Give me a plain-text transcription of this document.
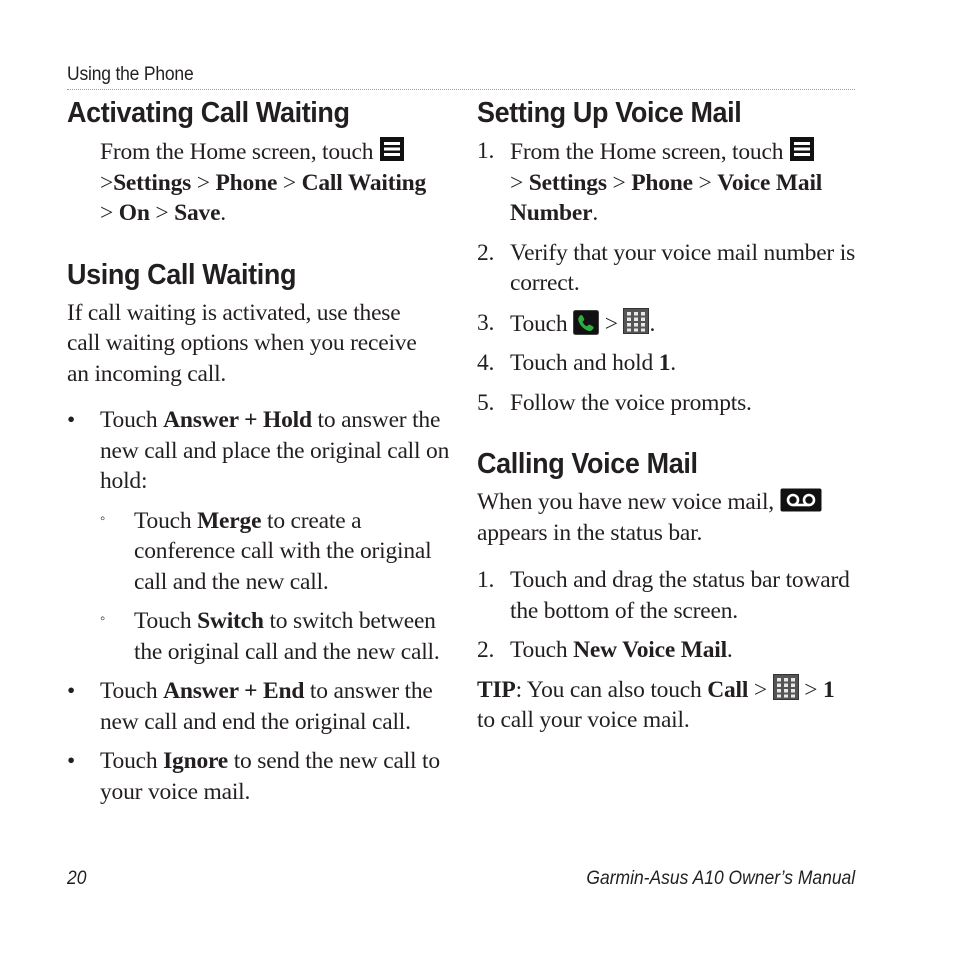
Using the Phone
Activating Call Waiting

From the Home screen, touch
>Settings > Phone > Call Waiting
> On > Save.

Using Call Waiting

If call waiting is activated, use these call waiting options when you receive an incoming call.

• Touch Answer + Hold to answer the new call and place the original call on hold:
◦ Touch Merge to create a conference call with the original call and the new call.
◦ Touch Switch to switch between the original call and the new call.
• Touch Answer + End to answer the new call and end the original call.
• Touch Ignore to send the new call to your voice mail.
Setting Up Voice Mail
1. From the Home screen, touch
> Settings > Phone > Voice Mail Number.
2. Verify that your voice mail number is correct.
3. Touch  > .
4. Touch and hold 1.
5. Follow the voice prompts.
Calling Voice Mail

When you have new voice mail,
appears in the status bar.

1. Touch and drag the status bar toward the bottom of the screen.
2. Touch New Voice Mail.

TIP: You can also touch Call >  > 1
to call your voice mail.

20	Garmin-Asus A10 Owner’s Manual
